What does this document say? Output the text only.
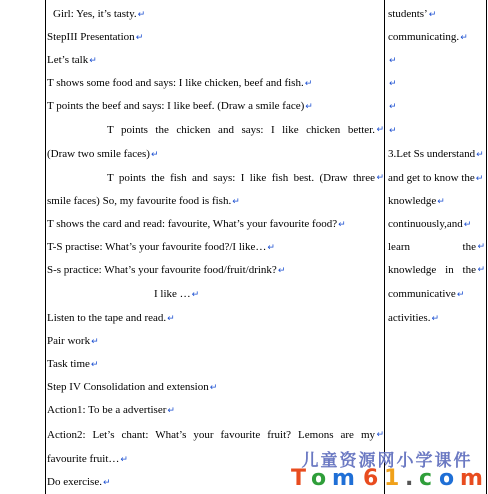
Girl: Yes, it’s tasty.↵
StepIII Presentation↵
Let’s talk↵
T shows some food and says: I like chicken, beef and fish.↵
T points the beef and says: I like beef. (Draw a smile face)↵
T points the chicken and says: I like chicken better. ↵
(Draw two smile faces)↵
T points the fish and says: I like fish best. (Draw three ↵
smile faces) So, my favourite food is fish.↵
T shows the card and read: favourite, What’s your favourite food?↵
T-S practise: What’s your favourite food?/I like…↵
S-s practice: What’s your favourite food/fruit/drink?↵
I like …↵
Listen to the tape and read.↵
Pair work↵
Task time↵
Step IV Consolidation and extension↵
Action1: To be a advertiser↵
Action2: Let’s chant: What’s your favourite fruit? Lemons are my ↵
favourite fruit…↵
Do exercise.↵
students’↵
communicating.↵
↵
↵
↵
↵
3.Let Ss understand↵
and get to know the↵
knowledge↵
continuously,and↵
learn the ↵
knowledge in the ↵
communicative↵
activities.↵
儿童资源网小学课件
T o m 6 1 . c o m
